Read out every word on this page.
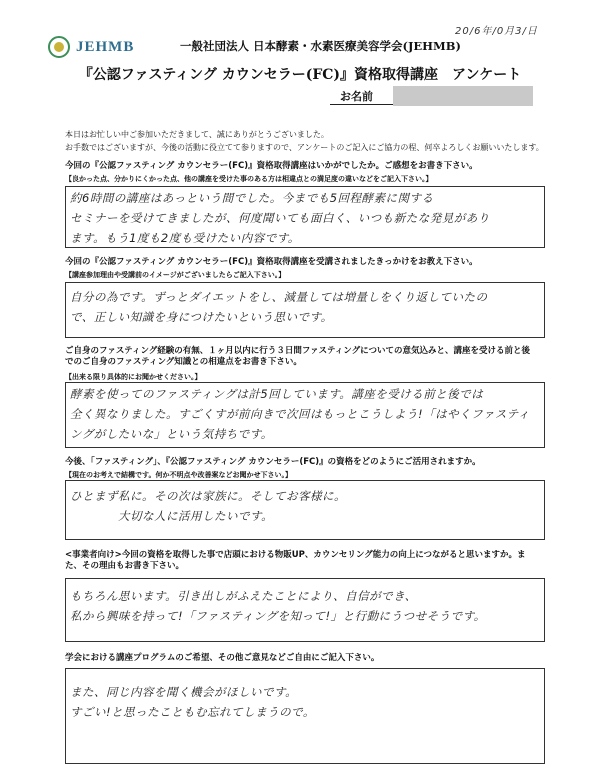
20/6年/0月3/日
JEHMB	一般社団法人 日本酵素・水素医療美容学会(JEHMB)
『公認ファスティング カウンセラー(FC)』資格取得講座　アンケート
お名前
本日はお忙しい中ご参加いただきまして、誠にありがとうございました。
お手数ではございますが、今後の活動に役立てて参りますので、アンケートのご記入にご協力の程、何卒よろしくお願いいたします。
今回の『公認ファスティング カウンセラー(FC)』資格取得講座はいかがでしたか。ご感想をお書き下さい。
【良かった点、分かりにくかった点、他の講座を受けた事のある方は相違点との満足度の違いなどをご記入下さい。】
約6時間の講座はあっという間でした。今までも5回程酵素に関する
セミナーを受けてきましたが、何度聞いても面白く、いつも新たな発見があり
ます。もう1度も2度も受けたい内容です。
今回の『公認ファスティング カウンセラー(FC)』資格取得講座を受講されましたきっかけをお教え下さい。
【講座参加理由や受講前のイメージがございましたらご記入下さい。】
自分の為です。ずっとダイエットをし、減量しては増量しをくり返していたの
で、正しい知識を身につけたいという思いです。
ご自身のファスティング経験の有無、１ヶ月以内に行う３日間ファスティングについての意気込みと、講座を受ける前と後でのご自身のファスティング知識との相違点をお書き下さい。
【出来る限り具体的にお聞かせください。】
酵素を使ってのファスティングは計5回しています。講座を受ける前と後では
全く異なりました。すごくすが前向きで次回はもっとこうしよう!「はやくファスティ
ングがしたいな」という気持ちです。
今後、「ファスティング」、『公認ファスティング カウンセラー(FC)』の資格をどのようにご活用されますか。
【現在のお考えで結構です。何か不明点や改善案などお聞かせ下さい。】
ひとまず私に。その次は家族に。そしてお客様に。
　　　　大切な人に活用したいです。
<事業者向け>今回の資格を取得した事で店頭における物販UP、カウンセリング能力の向上につながると思いますか。また、その理由もお書き下さい。
もちろん思います。引き出しがふえたことにより、自信ができ、
私から興味を持って!「ファスティングを知って!」と行動にうつせそうです。
学会における講座プログラムのご希望、その他ご意見などご自由にご記入下さい。
また、同じ内容を聞く機会がほしいです。
すごい!と思ったこともむ忘れてしまうので。
